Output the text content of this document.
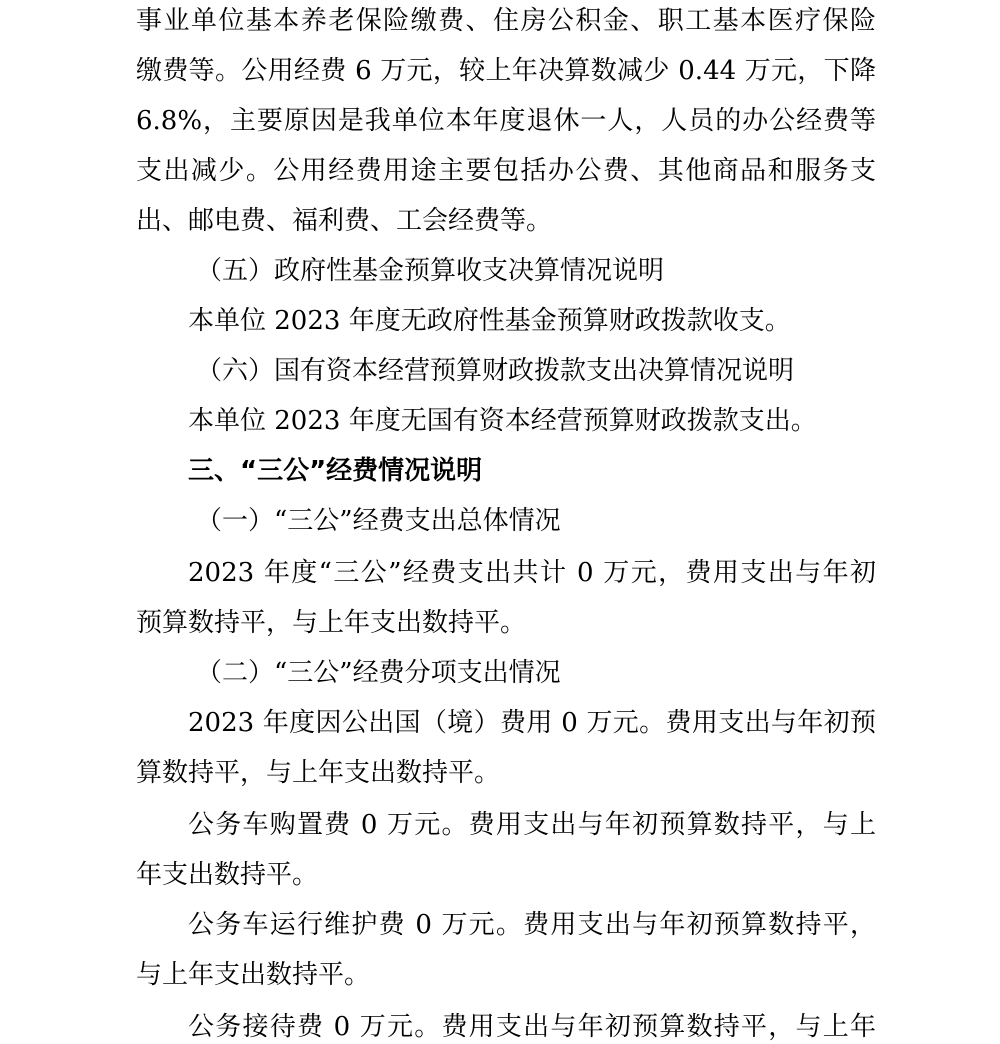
事业单位基本养老保险缴费、住房公积金、职工基本医疗保险
缴费等。公用经费 6 万元，较上年决算数减少 0.44 万元，下降
6.8%，主要原因是我单位本年度退休一人，人员的办公经费等
支出减少。公用经费用途主要包括办公费、其他商品和服务支
出、邮电费、福利费、工会经费等。
（五）政府性基金预算收支决算情况说明
本单位 2023 年度无政府性基金预算财政拨款收支。
（六）国有资本经营预算财政拨款支出决算情况说明
本单位 2023 年度无国有资本经营预算财政拨款支出。
三、“三公”经费情况说明
（一）“三公”经费支出总体情况
2023 年度“三公”经费支出共计 0 万元，费用支出与年初
预算数持平，与上年支出数持平。
（二）“三公”经费分项支出情况
2023 年度因公出国（境）费用 0 万元。费用支出与年初预
算数持平，与上年支出数持平。
公务车购置费 0 万元。费用支出与年初预算数持平，与上
年支出数持平。
公务车运行维护费 0 万元。费用支出与年初预算数持平，
与上年支出数持平。
公务接待费 0 万元。费用支出与年初预算数持平，与上年
